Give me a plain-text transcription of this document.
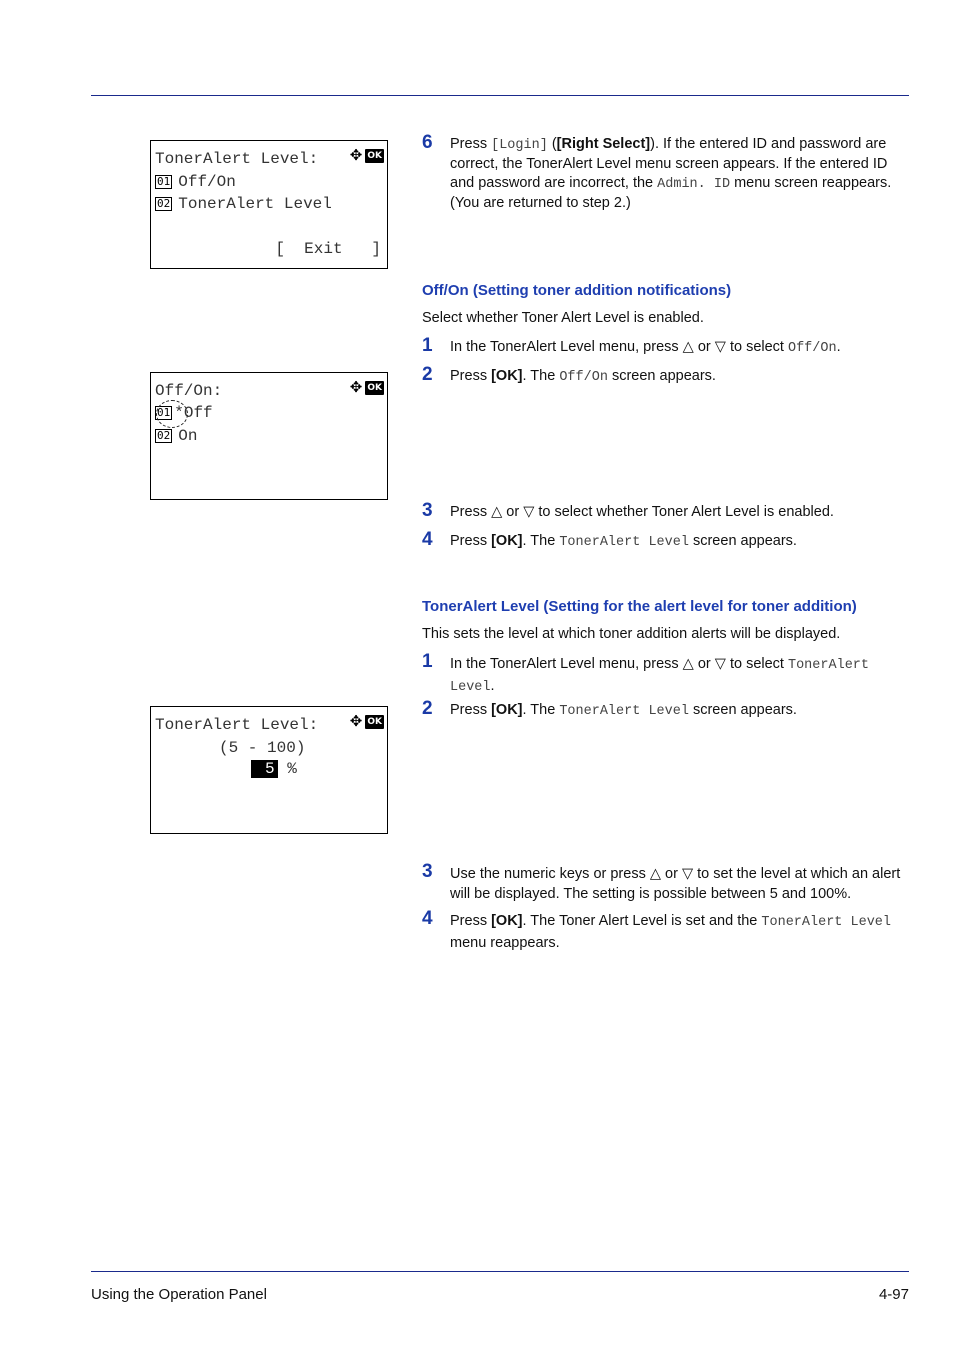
TonerAlert Level: ✥ OK
01 Off/On
02 TonerAlert Level
[  Exit   ]
Off/On:	✥ OK
01 *Off
02 On
TonerAlert Level: ✥ OK
(5 - 100)
5 %
6 Press [Login] ([Right Select]). If the entered ID and password are correct, the TonerAlert Level menu screen appears. If the entered ID and password are incorrect, the Admin. ID menu screen reappears. (You are returned to step 2.)
Off/On (Setting toner addition notifications)
Select whether Toner Alert Level is enabled.
1 In the TonerAlert Level menu, press △ or ▽ to select Off/On.
2 Press [OK]. The Off/On screen appears.
3 Press △ or ▽ to select whether Toner Alert Level is enabled.
4 Press [OK]. The TonerAlert Level screen appears.
TonerAlert Level (Setting for the alert level for toner addition)
This sets the level at which toner addition alerts will be displayed.
1 In the TonerAlert Level menu, press △ or ▽ to select TonerAlert Level.
2 Press [OK]. The TonerAlert Level screen appears.
3 Use the numeric keys or press △ or ▽ to set the level at which an alert will be displayed. The setting is possible between 5 and 100%.
4 Press [OK]. The Toner Alert Level is set and the TonerAlert Level menu reappears.
Using the Operation Panel	4-97
